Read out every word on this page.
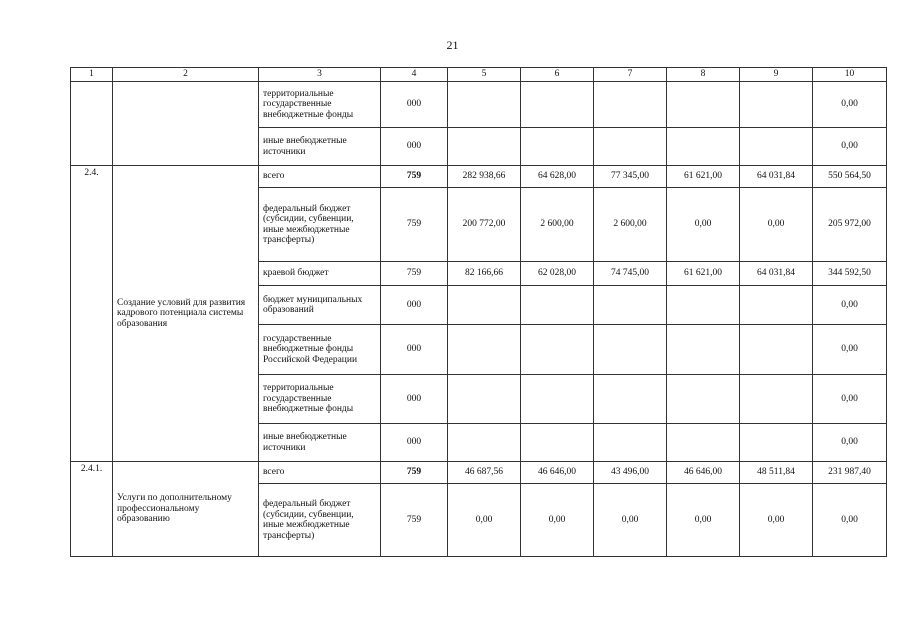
21
1	2	3	4	5	6	7	8	9	10
		территориальные государственные внебюджетные фонды	000						0,00
		иные внебюджетные источники	000						0,00
2.4.	Создание условий для развития кадрового потенциала системы образования	всего	759	282 938,66	64 628,00	77 345,00	61 621,00	64 031,84	550 564,50
		федеральный бюджет (субсидии, субвенции, иные межбюджетные трансферты)	759	200 772,00	2 600,00	2 600,00	0,00	0,00	205 972,00
		краевой бюджет	759	82 166,66	62 028,00	74 745,00	61 621,00	64 031,84	344 592,50
		бюджет муниципальных образований	000						0,00
		государственные внебюджетные фонды Российской Федерации	000						0,00
		территориальные государственные внебюджетные фонды	000						0,00
		иные внебюджетные источники	000						0,00
2.4.1.	Услуги по дополнительному профессиональному образованию	всего	759	46 687,56	46 646,00	43 496,00	46 646,00	48 511,84	231 987,40
		федеральный бюджет (субсидии, субвенции, иные межбюджетные трансферты)	759	0,00	0,00	0,00	0,00	0,00	0,00
